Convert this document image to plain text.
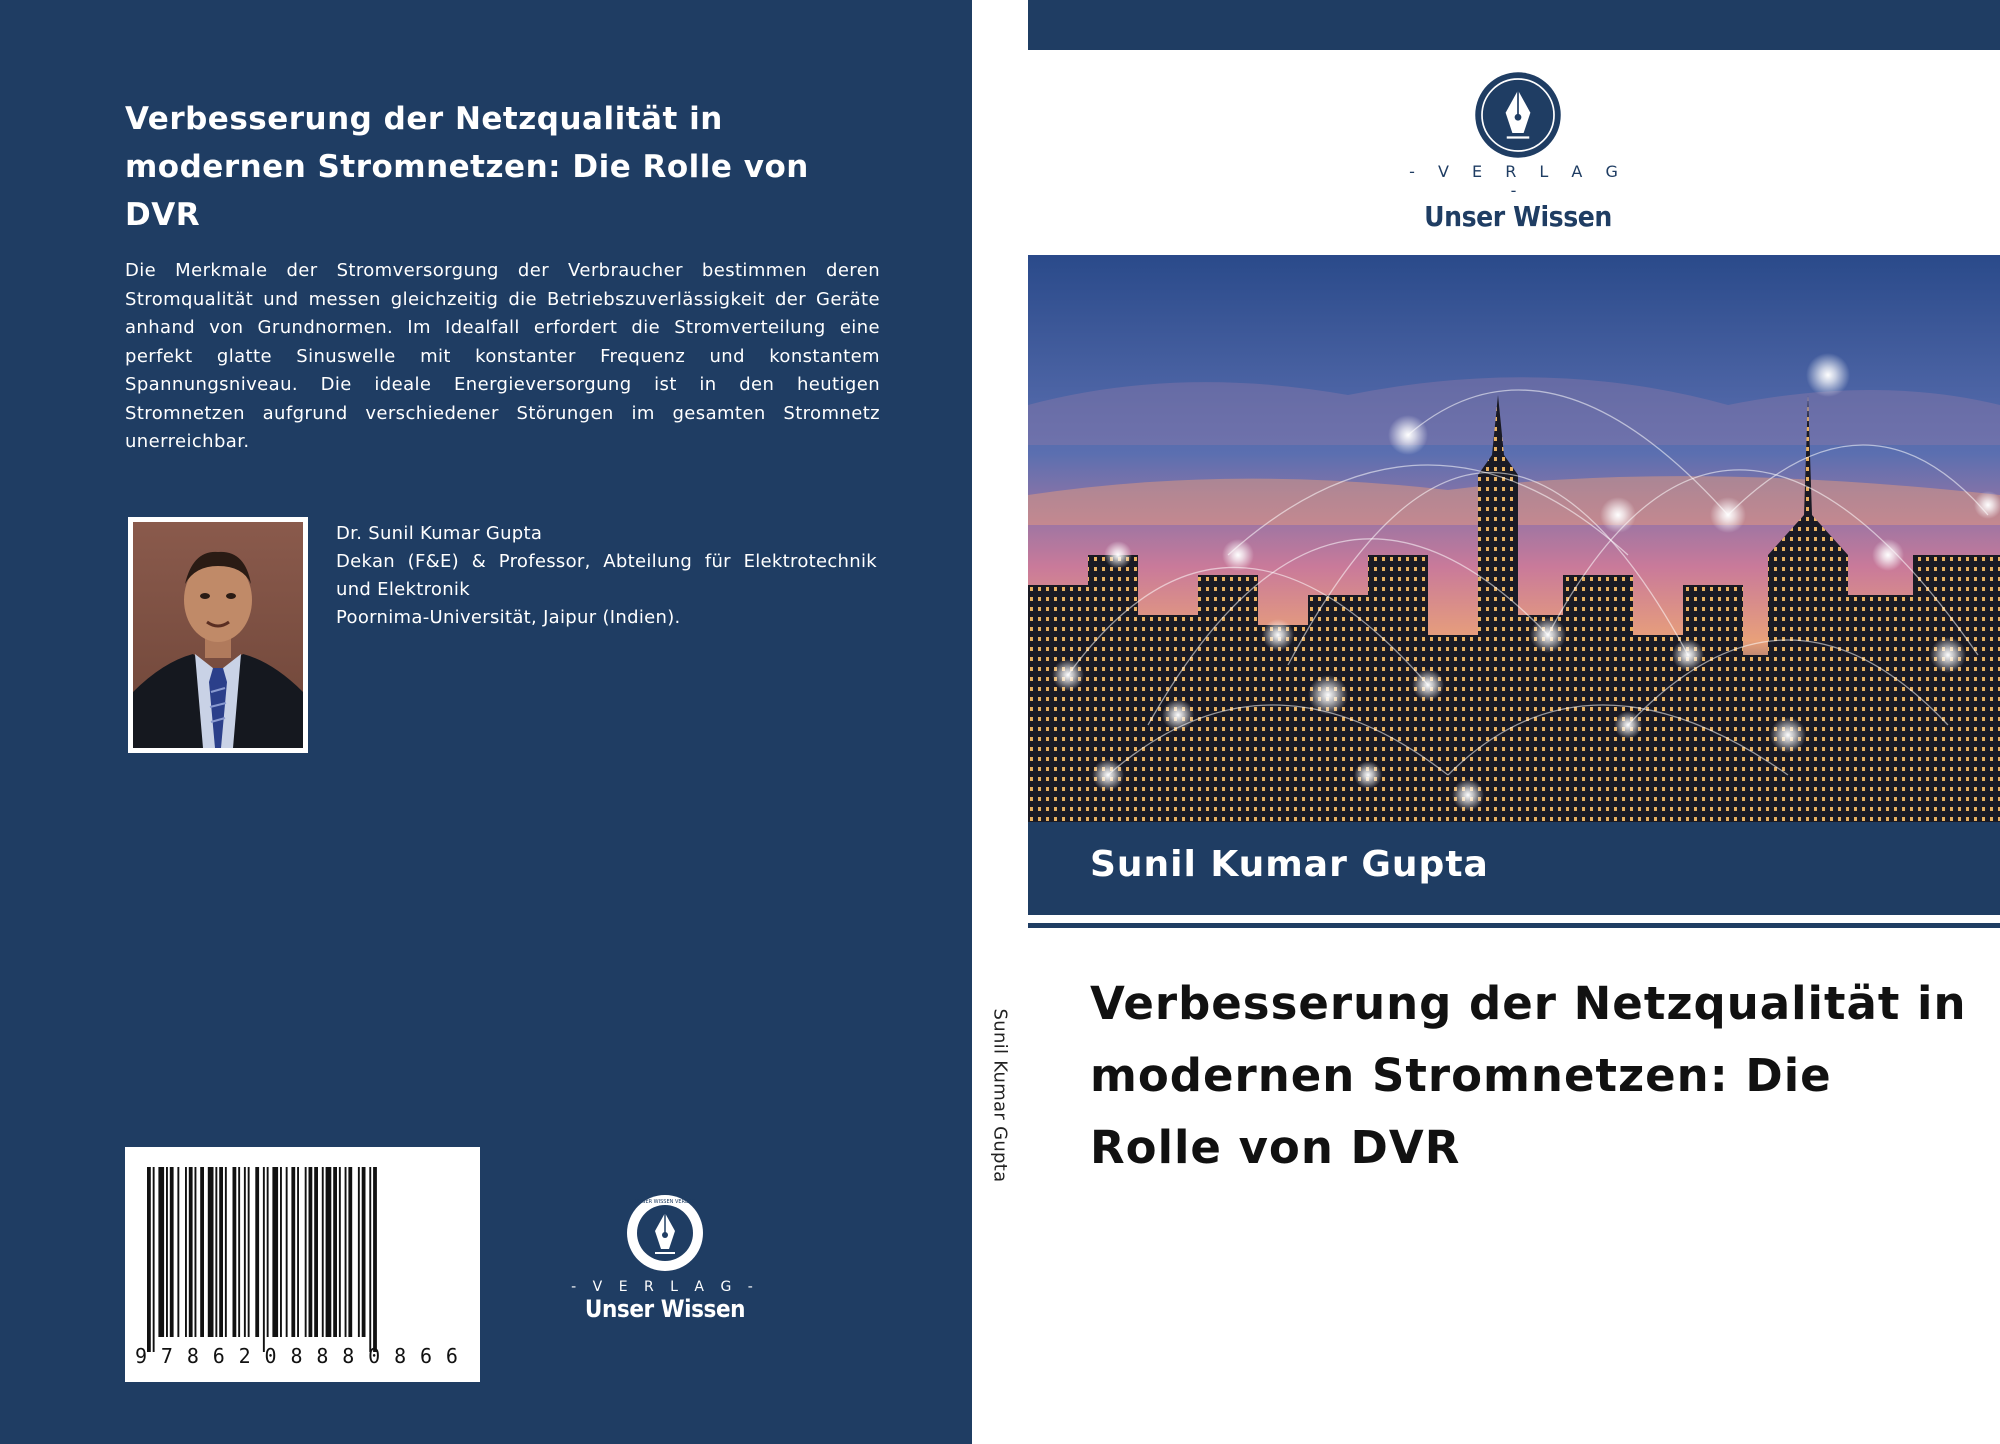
Verbesserung der Netzqualität in modernen Stromnetzen: Die Rolle von DVR
Die Merkmale der Stromversorgung der Verbraucher bestimmen deren Stromqualität und messen gleichzeitig die Betriebszuverlässigkeit der Geräte anhand von Grundnormen. Im Idealfall erfordert die Stromverteilung eine perfekt glatte Sinuswelle mit konstanter Frequenz und konstantem Spannungsniveau. Die ideale Energieversorgung ist in den heutigen Stromnetzen aufgrund verschiedener Störungen im gesamten Stromnetz unerreichbar.
Dr. Sunil Kumar Gupta
Dekan (F&E) & Professor, Abteilung für Elektrotechnik und Elektronik
Poornima-Universität, Jaipur (Indien).
9 7 8 6 2 0 8 8 8 0 8 6 6
UNSER WISSEN VERLAG
- V E R L A G -
Unser Wissen
Sunil Kumar Gupta
- V E R L A G -
Unser Wissen
Sunil Kumar Gupta
Verbesserung der Netzqualität in modernen Stromnetzen: Die Rolle von DVR
